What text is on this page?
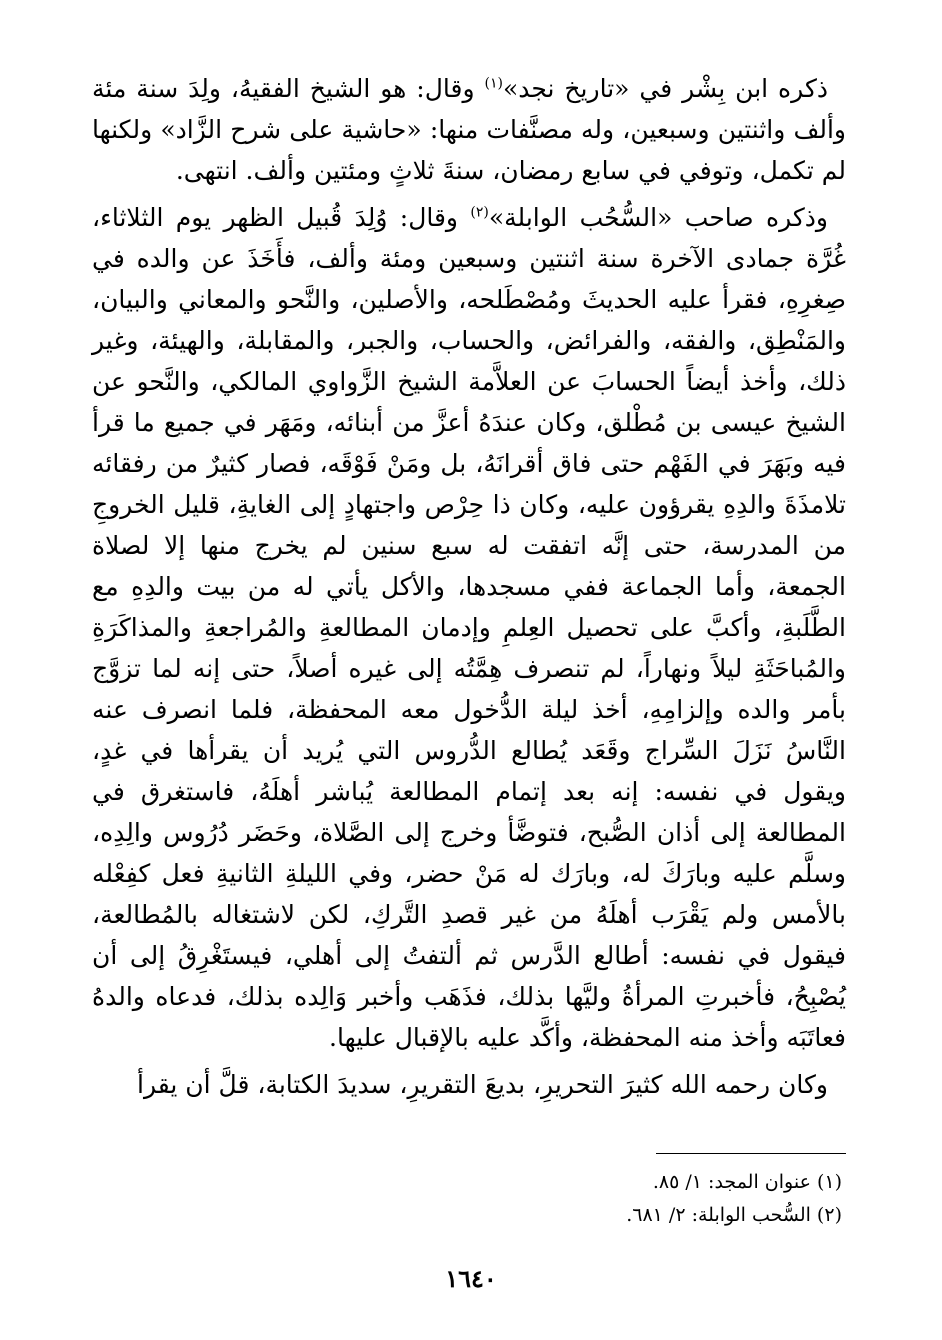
ذكره ابن بِشْر في «تاريخ نجد»$^{(١)}$ وقال: هو الشيخ الفقيهُ، ولِدَ سنة مئة وألف واثنتين وسبعين، وله مصنَّفات منها: «حاشية على شرح الزَّاد» ولكنها لم تكمل، وتوفي في سابع رمضان، سنةَ ثلاثٍ ومئتين وألف. انتهى.

وذكره صاحب «السُّحُب الوابلة»$^{(٢)}$ وقال: وُلِدَ قُبيل الظهر يوم الثلاثاء، غُرَّة جمادى الآخرة سنة اثنتين وسبعين ومئة وألف، فأَخَذَ عن والده في صِغرِهِ، فقرأ عليه الحديثَ ومُصْطَلحه، والأصلين، والنَّحو والمعاني والبيان، والمَنْطِق، والفقه، والفرائض، والحساب، والجبر، والمقابلة، والهيئة، وغير ذلك، وأخذ أيضاً الحسابَ عن العلاَّمة الشيخ الزَّواوي المالكي، والنَّحو عن الشيخ عيسى بن مُطْلق، وكان عندَهُ أعزَّ من أبنائه، ومَهَر في جميع ما قرأ فيه وبَهَرَ في الفَهْم حتى فاق أقرانَهُ، بل ومَنْ فَوْقَه، فصار كثيرٌ من رفقائه تلامذَةَ والدِهِ يقرؤون عليه، وكان ذا حِرْص واجتهادٍ إلى الغايةِ، قليل الخروجِ من المدرسة، حتى إنَّه اتفقت له سبع سنين لم يخرج منها إلا لصلاة الجمعة، وأما الجماعة ففي مسجدها، والأكل يأتي له من بيت والدِهِ مع الطَّلَبةِ، وأكبَّ على تحصيل العِلمِ وإدمان المطالعةِ والمُراجعةِ والمذاكَرَةِ والمُباحَثَةِ ليلاً ونهاراً، لم تنصرف هِمَّتُه إلى غيره أصلاً، حتى إنه لما تزوَّج بأمر والده وإلزامِهِ، أخذ ليلة الدُّخول معه المحفظة، فلما انصرف عنه النَّاسُ نَزَلَ السِّراج وقَعَد يُطالع الدُّروس التي يُريد أن يقرأها في غدٍ، ويقول في نفسه: إنه بعد إتمام المطالعة يُباشر أهلَهُ، فاستغرق في المطالعة إلى أذان الصُّبح، فتوضَّأ وخرج إلى الصَّلاة، وحَضَر دُرُوس والِدِه، وسلَّم عليه وبارَكَ له، وبارَك له مَنْ حضر، وفي الليلةِ الثانيةِ فعل كفِعْله بالأمس ولم يَقْرَب أهلَهُ من غير قصدِ التَّركِ، لكن لاشتغاله بالمُطالعة، فيقول في نفسه: أطالع الدَّرس ثم ألتفتُ إلى أهلي، فيستَغْرِقُ إلى أن يُصْبِحُ، فأخبرتِ المرأةُ وليَّها بذلك، فذَهَب وأخبر وَالِده بذلك، فدعاه والدهُ فعاتَبَه وأخذ منه المحفظة، وأكَّد عليه بالإقبال عليها.

وكان رحمه الله كثيرَ التحريرِ، بديعَ التقريرِ، سديدَ الكتابة، قلَّ أن يقرأ

(١) عنوان المجد: ١/ ٨٥.

(٢) السُّحب الوابلة: ٢/ ٦٨١.

١٦٤٠
